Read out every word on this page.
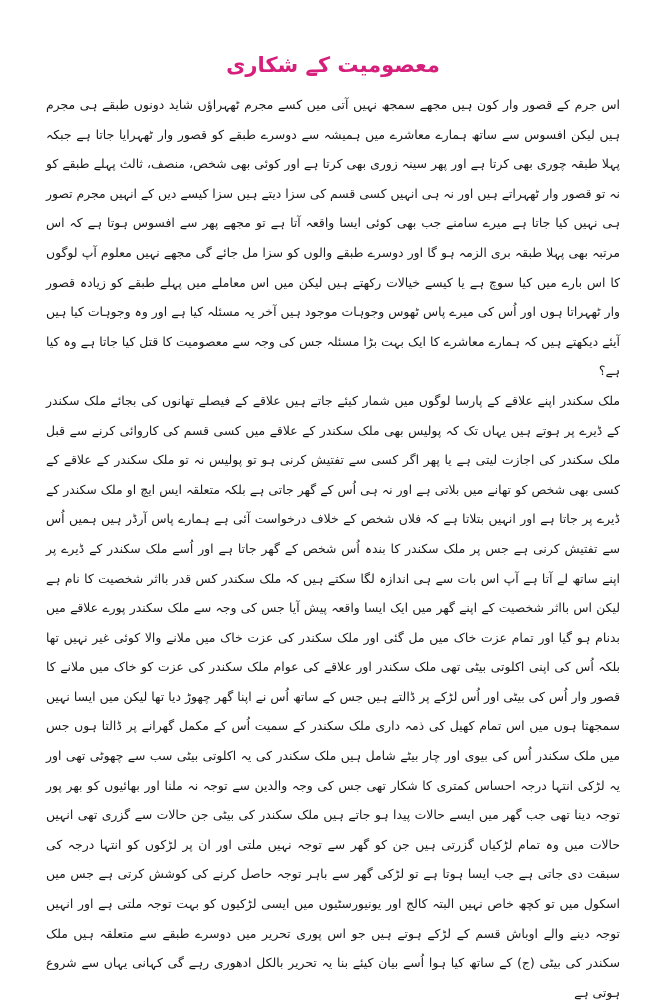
معصومیت کے شکاری
اس جرم کے قصور وار کون ہیں مجھے سمجھ نہیں آتی میں کسے مجرم ٹھہراؤں شاید دونوں طبقے ہی مجرم ہیں لیکن افسوس سے ساتھ ہمارے معاشرے میں ہمیشہ سے دوسرے طبقے کو قصور وار ٹھہرایا جاتا ہے جبکہ پہلا طبقہ چوری بھی کرتا ہے اور پھر سینہ زوری بھی کرتا ہے اور کوئی بھی شخص، منصف، ثالث پہلے طبقے کو نہ تو قصور وار ٹھہراتے ہیں اور نہ ہی انہیں کسی قسم کی سزا دیتے ہیں سزا کیسے دیں کے انہیں مجرم تصور ہی نہیں کیا جاتا ہے میرے سامنے جب بھی کوئی ایسا واقعہ آتا ہے تو مجھے پھر سے افسوس ہوتا ہے کہ اس مرتبہ بھی پہلا طبقہ بری الزمہ ہو گا اور دوسرے طبقے والوں کو سزا مل جائے گی مجھے نہیں معلوم آپ لوگوں کا اس بارے میں کیا سوچ ہے یا کیسے خیالات رکھتے ہیں لیکن میں اس معاملے میں پہلے طبقے کو زیادہ قصور وار ٹھہراتا ہوں اور اُس کی میرے پاس ٹھوس وجوہات موجود ہیں آخر یہ مسئلہ کیا ہے اور وہ وجوہات کیا ہیں آیئے دیکھتے ہیں کہ ہمارے معاشرے کا ایک بہت بڑا مسئلہ جس کی وجہ سے معصومیت کا قتل کیا جاتا ہے وہ کیا ہے؟
ملک سکندر اپنے علاقے کے پارسا لوگوں میں شمار کیئے جاتے ہیں علاقے کے فیصلے تھانوں کی بجائے ملک سکندر کے ڈیرے پر ہوتے ہیں یہاں تک کہ پولیس بھی ملک سکندر کے علاقے میں کسی قسم کی کاروائی کرنے سے قبل ملک سکندر کی اجازت لیتی ہے یا پھر اگر کسی سے تفتیش کرنی ہو تو پولیس نہ تو ملک سکندر کے علاقے کے کسی بھی شخص کو تھانے میں بلاتی ہے اور نہ ہی اُس کے گھر جاتی ہے بلکہ متعلقہ ایس ایچ او ملک سکندر کے ڈیرے پر جاتا ہے اور انہیں بتلاتا ہے کہ فلاں شخص کے خلاف درخواست آئی ہے ہمارے پاس آرڈر ہیں ہمیں اُس سے تفتیش کرنی ہے جس پر ملک سکندر کا بندہ اُس شخص کے گھر جاتا ہے اور اُسے ملک سکندر کے ڈیرے پر اپنے ساتھ لے آتا ہے آپ اس بات سے ہی اندازہ لگا سکتے ہیں کہ ملک سکندر کس قدر بااثر شخصیت کا نام ہے لیکن اس بااثر شخصیت کے اپنے گھر میں ایک ایسا واقعہ پیش آیا جس کی وجہ سے ملک سکندر پورے علاقے میں بدنام ہو گیا اور تمام عزت خاک میں مل گئی اور ملک سکندر کی عزت خاک میں ملانے والا کوئی غیر نہیں تھا بلکہ اُس کی اپنی اکلوتی بیٹی تھی ملک سکندر اور علاقے کی عوام ملک سکندر کی عزت کو خاک میں ملانے کا قصور وار اُس کی بیٹی اور اُس لڑکے پر ڈالتے ہیں جس کے ساتھ اُس نے اپنا گھر چھوڑ دیا تھا لیکن میں ایسا نہیں سمجھتا ہوں میں اس تمام کھیل کی ذمہ داری ملک سکندر کے سمیت اُس کے مکمل گھرانے پر ڈالتا ہوں جس میں ملک سکندر اُس کی بیوی اور چار بیٹے شامل ہیں ملک سکندر کی یہ اکلوتی بیٹی سب سے چھوٹی تھی اور یہ لڑکی انتہا درجہ احساس کمتری کا شکار تھی جس کی وجہ والدین سے توجہ نہ ملنا اور بھائیوں کو بھر پور توجہ دینا تھی جب گھر میں ایسے حالات پیدا ہو جاتے ہیں ملک سکندر کی بیٹی جن حالات سے گزری تھی انہیں حالات میں وہ تمام لڑکیاں گزرتی ہیں جن کو گھر سے توجہ نہیں ملتی اور ان پر لڑکوں کو انتہا درجہ کی سبقت دی جاتی ہے جب ایسا ہوتا ہے تو لڑکی گھر سے باہر توجہ حاصل کرنے کی کوشش کرتی ہے جس میں اسکول میں تو کچھ خاص نہیں البتہ کالج اور یونیورسٹیوں میں ایسی لڑکیوں کو بہت توجہ ملتی ہے اور انہیں توجہ دینے والے اوباش قسم کے لڑکے ہوتے ہیں جو اس پوری تحریر میں دوسرے طبقے سے متعلقہ ہیں ملک سکندر کی بیٹی (ج) کے ساتھ کیا ہوا اُسے بیان کیئے بنا یہ تحریر بالکل ادھوری رہے گی کہانی یہاں سے شروع ہوتی ہے
